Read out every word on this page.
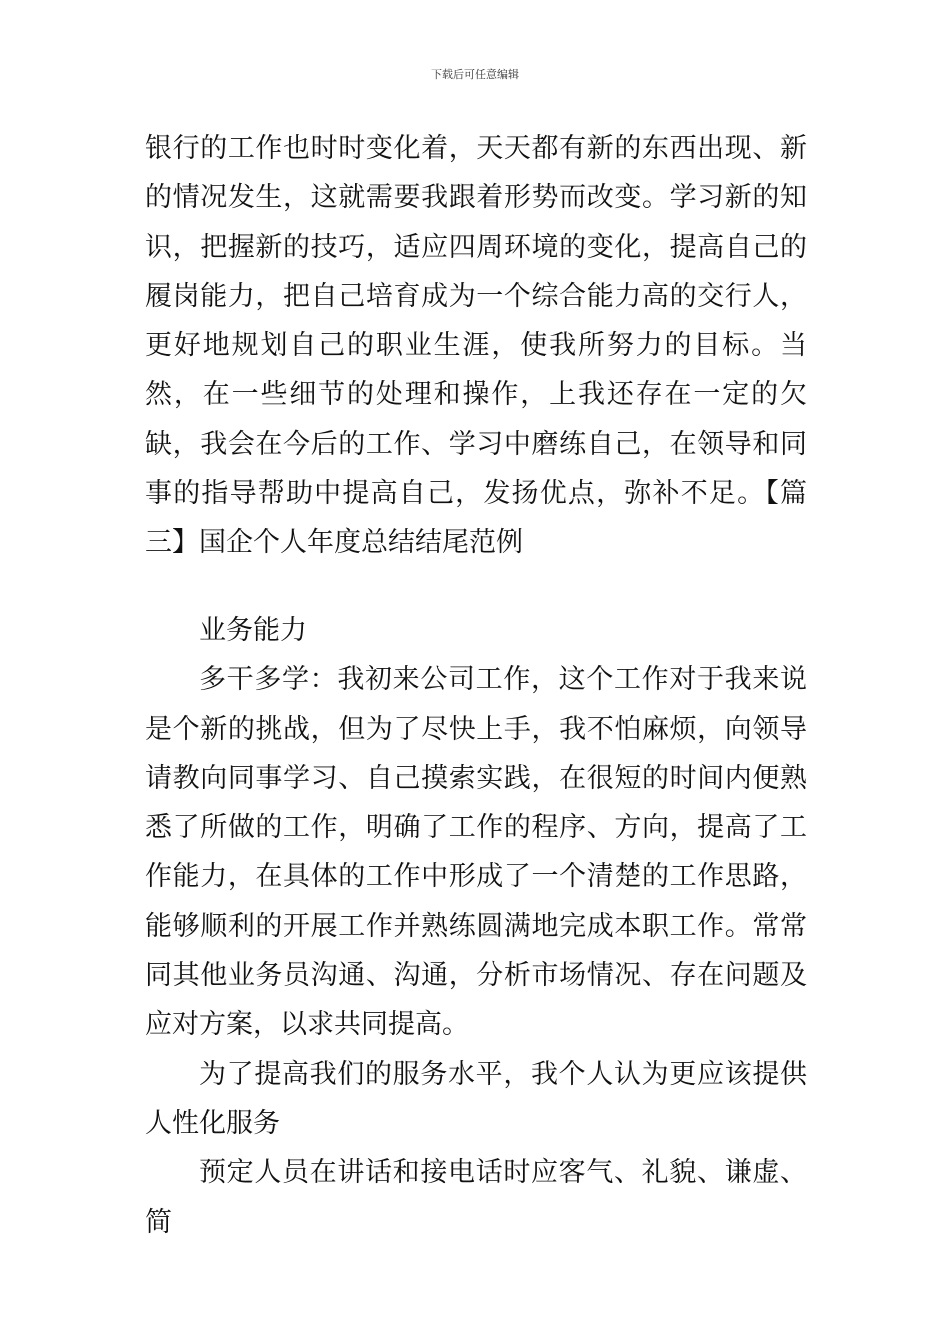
下载后可任意编辑

银行的工作也时时变化着，天天都有新的东西出现、新的情况发生，这就需要我跟着形势而改变。学习新的知识，把握新的技巧，适应四周环境的变化，提高自己的履岗能力，把自己培育成为一个综合能力高的交行人，更好地规划自己的职业生涯，使我所努力的目标。当然，在一些细节的处理和操作，上我还存在一定的欠缺，我会在今后的工作、学习中磨练自己，在领导和同事的指导帮助中提高自己，发扬优点，弥补不足。【篇三】国企个人年度总结结尾范例

业务能力

多干多学：我初来公司工作，这个工作对于我来说是个新的挑战，但为了尽快上手，我不怕麻烦，向领导请教向同事学习、自己摸索实践，在很短的时间内便熟悉了所做的工作，明确了工作的程序、方向，提高了工作能力，在具体的工作中形成了一个清楚的工作思路，能够顺利的开展工作并熟练圆满地完成本职工作。常常同其他业务员沟通、沟通，分析市场情况、存在问题及应对方案，以求共同提高。

为了提高我们的服务水平，我个人认为更应该提供人性化服务

预定人员在讲话和接电话时应客气、礼貌、谦虚、简
